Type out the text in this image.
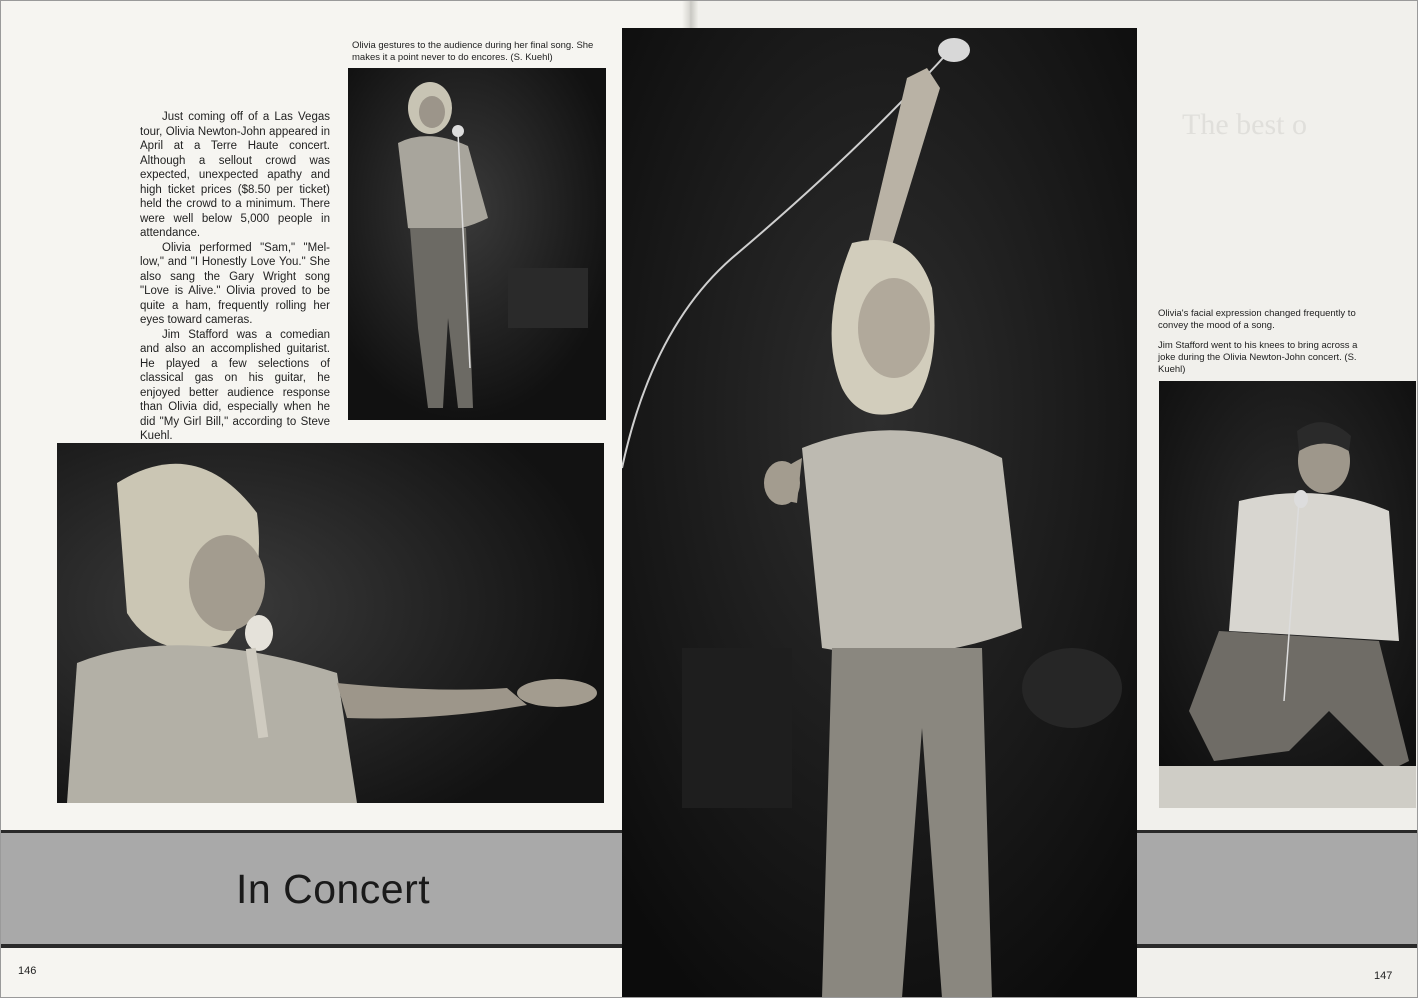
The best o
In Concert

Just coming off of a Las Vegas tour, Olivia Newton-John appeared in April at a Terre Haute concert. Although a sellout crowd was expected, unexpected apathy and high ticket prices ($8.50 per ticket) held the crowd to a minimum. There were well below 5,000 people in attendance.

Olivia performed "Sam," "Mel-low," and "I Honestly Love You." She also sang the Gary Wright song "Love is Alive." Olivia proved to be quite a ham, frequently rolling her eyes toward cameras.

Jim Stafford was a comedian and also an accomplished guitarist. He played a few selections of classical gas on his guitar, he enjoyed better audience response than Olivia did, especially when he did "My Girl Bill," according to Steve Kuehl.

Olivia gestures to the audience during her final song. She makes it a point never to do encores. (S. Kuehl)
Olivia's facial expression changed frequently to convey the mood of a song.
Jim Stafford went to his knees to bring across a joke during the Olivia Newton-John concert. (S. Kuehl)
146	147
